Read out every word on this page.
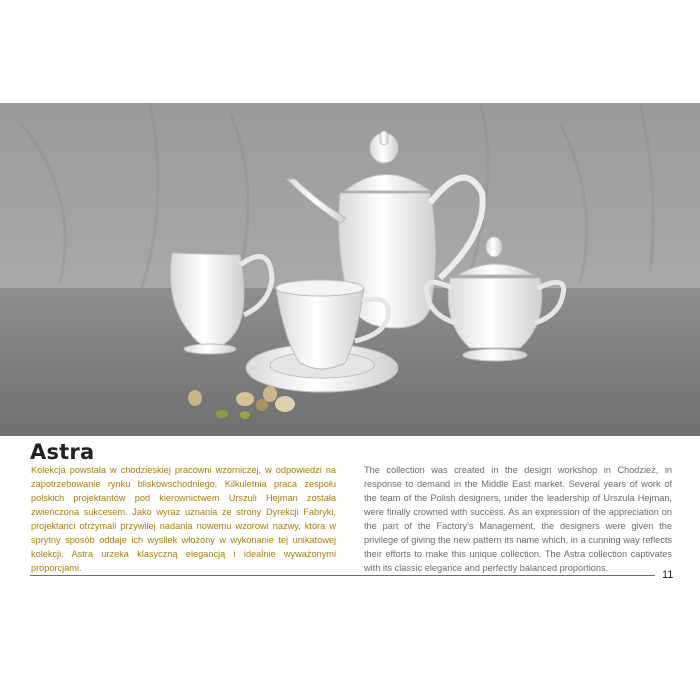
Astra
Kolekcja powstała w chodzieskiej pracowni wzorniczej, w odpowiedzi na zapotrzebowanie rynku bliskowschodniego. Kilkuletnia praca zespołu polskich projektantów pod kierownictwem Urszuli Hejman została zwieńczona sukcesem. Jako wyraz uznania ze strony Dyrekcji Fabryki, projektanci otrzymali przywilej nadania nowemu wzorowi nazwy, która w sprytny sposób oddaje ich wysiłek włożony w wykonanie tej unikatowej kolekcji. Astra urzeka klasyczną elegancją i idealnie wyważonymi proporcjami.
The collection was created in the design workshop in Chodzież, in response to demand in the Middle East market. Several years of work of the team of the Polish designers, under the leadership of Urszula Hejman, were finally crowned with success. As an expression of the appreciation on the part of the Factory's Management, the designers were given the privilege of giving the new pattern its name which, in a cunning way reflects their efforts to make this unique collection. The Astra collection captivates with its classic elegance and perfectly balanced proportions.
11
